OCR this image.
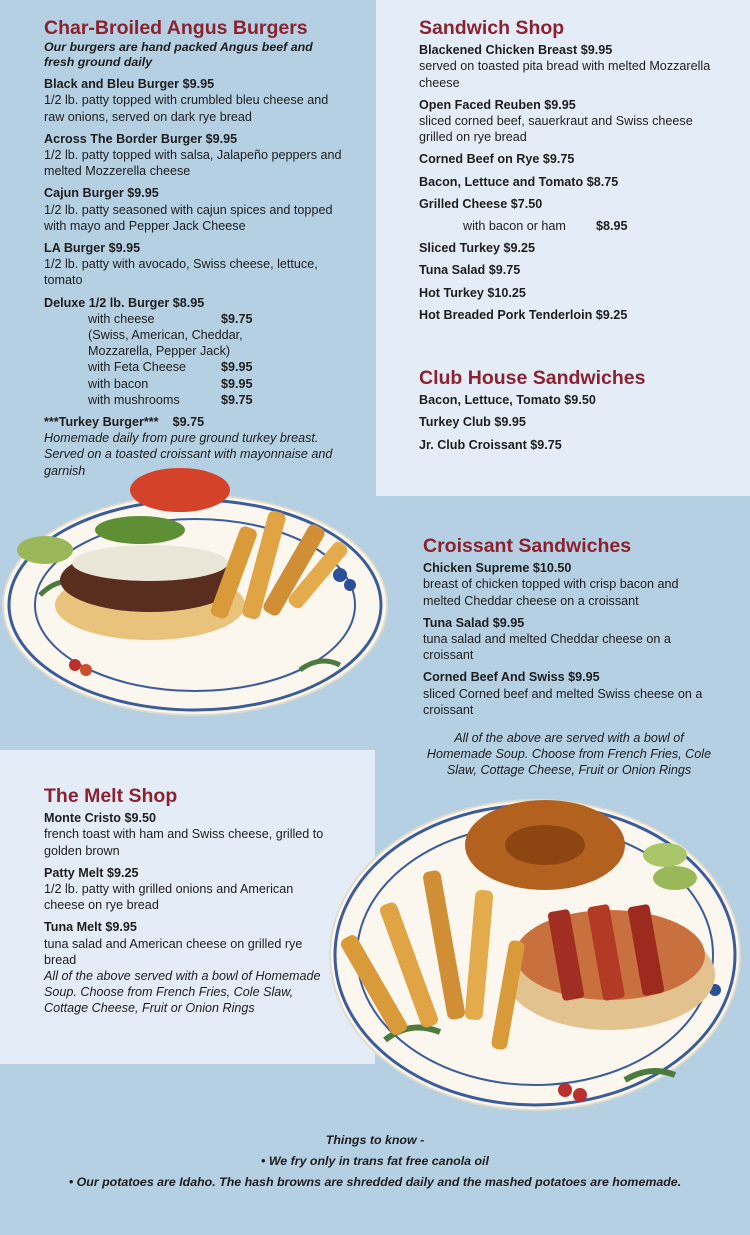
Char-Broiled Angus Burgers
Our burgers are hand packed Angus beef and fresh ground daily
Black and Bleu Burger $9.95
1/2 lb. patty topped with crumbled bleu cheese and raw onions, served on dark rye bread
Across The Border Burger $9.95
1/2 lb. patty topped with salsa, Jalapeño peppers and melted Mozzerella cheese
Cajun Burger $9.95
1/2 lb. patty seasoned with cajun spices and topped with mayo and Pepper Jack Cheese
LA Burger $9.95
1/2 lb. patty with avocado, Swiss cheese, lettuce, tomato
Deluxe 1/2 lb. Burger $8.95
with cheese	$9.75
(Swiss, American, Cheddar, Mozzarella, Pepper Jack)
with Feta Cheese	$9.95
with bacon	$9.95
with mushrooms	$9.75
***Turkey Burger*** $9.75
Homemade daily from pure ground turkey breast. Served on a toasted croissant with mayonnaise and garnish
Sandwich Shop
Blackened Chicken Breast $9.95
served on toasted pita bread with melted Mozzarella cheese
Open Faced Reuben $9.95
sliced corned beef, sauerkraut and Swiss cheese grilled on rye bread
Corned Beef on Rye $9.75
Bacon, Lettuce and Tomato $8.75
Grilled Cheese $7.50
with bacon or ham	$8.95
Sliced Turkey $9.25
Tuna Salad $9.75
Hot Turkey $10.25
Hot Breaded Pork Tenderloin $9.25
Club House Sandwiches
Bacon, Lettuce, Tomato $9.50
Turkey Club $9.95
Jr. Club Croissant $9.75
Croissant Sandwiches
Chicken Supreme $10.50
breast of chicken topped with crisp bacon and melted Cheddar cheese on a croissant
Tuna Salad $9.95
tuna salad and melted Cheddar cheese on a croissant
Corned Beef And Swiss $9.95
sliced Corned beef and melted Swiss cheese on a croissant
All of the above are served with a bowl of Homemade Soup. Choose from French Fries, Cole Slaw, Cottage Cheese, Fruit or Onion Rings
The Melt Shop
Monte Cristo $9.50
french toast with ham and Swiss cheese, grilled to golden brown
Patty Melt $9.25
1/2 lb. patty with grilled onions and American cheese on rye bread
Tuna Melt $9.95
tuna salad and American cheese on grilled rye bread
All of the above served with a bowl of Homemade Soup. Choose from French Fries, Cole Slaw, Cottage Cheese, Fruit or Onion Rings
Things to know -
• We fry only in trans fat free canola oil
• Our potatoes are Idaho. The hash browns are shredded daily and the mashed potatoes are homemade.
